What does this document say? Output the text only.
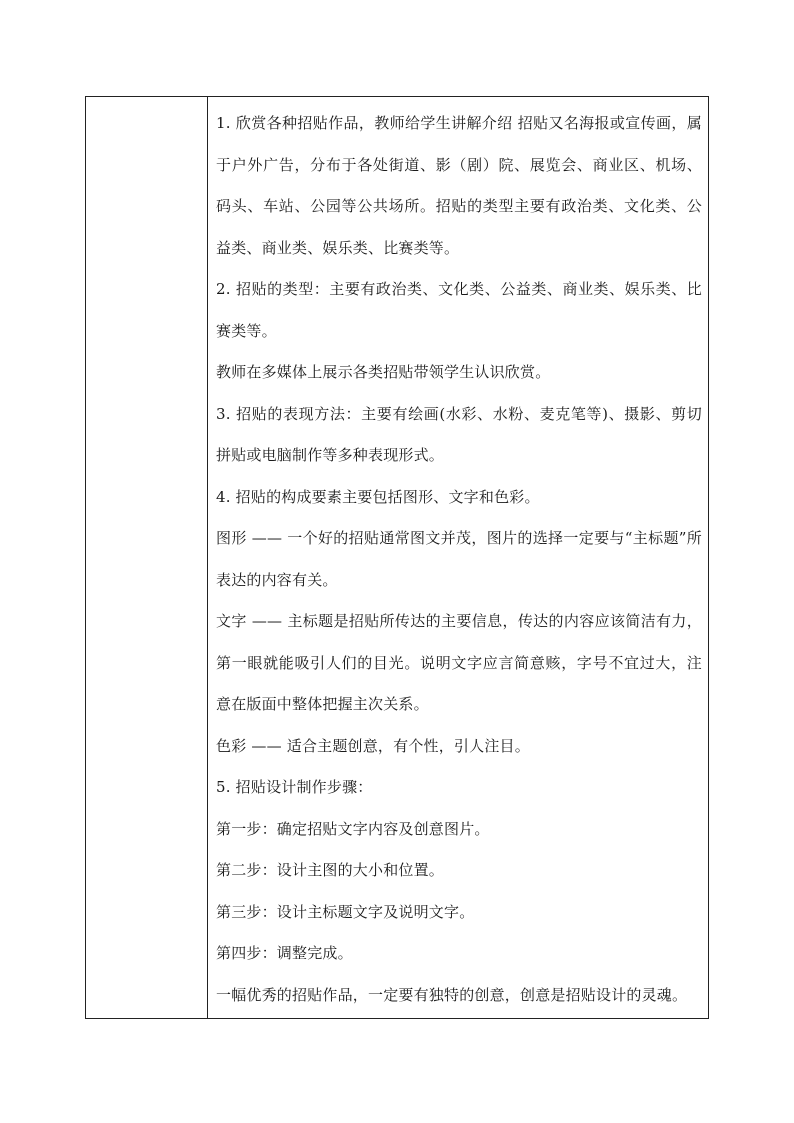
1. 欣赏各种招贴作品，教师给学生讲解介绍 招贴又名海报或宣传画，属于户外广告，分布于各处街道、影（剧）院、展览会、商业区、机场、码头、车站、公园等公共场所。招贴的类型主要有政治类、文化类、公益类、商业类、娱乐类、比赛类等。

2. 招贴的类型：主要有政治类、文化类、公益类、商业类、娱乐类、比赛类等。

教师在多媒体上展示各类招贴带领学生认识欣赏。

3. 招贴的表现方法：主要有绘画(水彩、水粉、麦克笔等)、摄影、剪切拼贴或电脑制作等多种表现形式。

4. 招贴的构成要素主要包括图形、文字和色彩。

图形 —— 一个好的招贴通常图文并茂，图片的选择一定要与“主标题”所表达的内容有关。

文字 —— 主标题是招贴所传达的主要信息，传达的内容应该简洁有力，第一眼就能吸引人们的目光。说明文字应言简意赅，字号不宜过大，注意在版面中整体把握主次关系。

色彩 —— 适合主题创意，有个性，引人注目。

5. 招贴设计制作步骤：

第一步：确定招贴文字内容及创意图片。

第二步：设计主图的大小和位置。

第三步：设计主标题文字及说明文字。

第四步：调整完成。

一幅优秀的招贴作品，一定要有独特的创意，创意是招贴设计的灵魂。
